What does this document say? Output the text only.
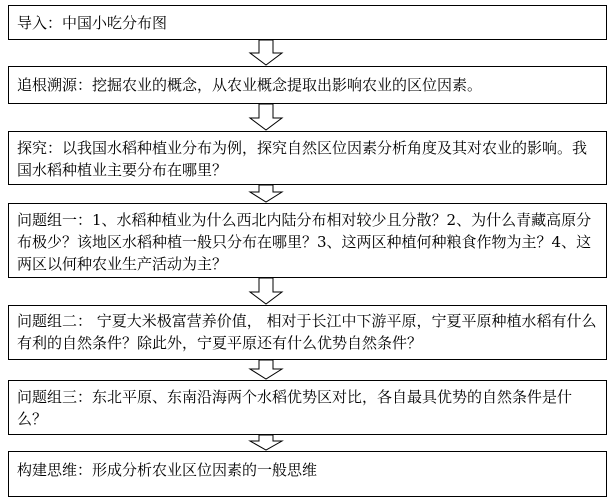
导入：中国小吃分布图
追根溯源：挖掘农业的概念，从农业概念提取出影响农业的区位因素。
探究：以我国水稻种植业分布为例，探究自然区位因素分析角度及其对农业的影响。我国水稻种植业主要分布在哪里？
问题组一：1、水稻种植业为什么西北内陆分布相对较少且分散？2、为什么青藏高原分布极少？该地区水稻种植一般只分布在哪里？3、这两区种植何种粮食作物为主？4、这两区以何种农业生产活动为主？
问题组二： 宁夏大米极富营养价值， 相对于长江中下游平原，宁夏平原种植水稻有什么有利的自然条件？除此外，宁夏平原还有什么优势自然条件？
问题组三：东北平原、东南沿海两个水稻优势区对比，各自最具优势的自然条件是什么？
构建思维：形成分析农业区位因素的一般思维
